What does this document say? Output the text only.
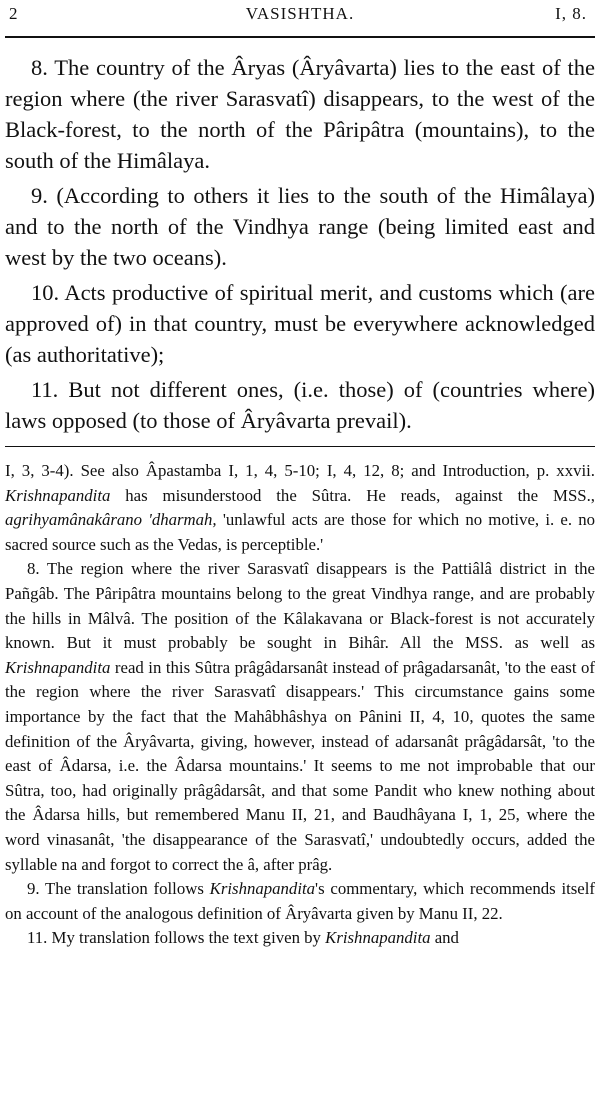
2	VASISHTHA.	I, 8.

8. The country of the Âryas (Âryâvarta) lies to the east of the region where (the river Sarasvatî) disappears, to the west of the Black-forest, to the north of the Pâripâtra (mountains), to the south of the Himâlaya.

9. (According to others it lies to the south of the Himâlaya) and to the north of the Vindhya range (being limited east and west by the two oceans).

10. Acts productive of spiritual merit, and customs which (are approved of) in that country, must be everywhere acknowledged (as authoritative);

11. But not different ones, (i.e. those) of (countries where) laws opposed (to those of Âryâvarta prevail).

I, 3, 3-4). See also Âpastamba I, 1, 4, 5-10; I, 4, 12, 8; and Introduction, p. xxvii. Krishnapandita has misunderstood the Sûtra. He reads, against the MSS., agrihyamânakârano 'dharmah, 'unlawful acts are those for which no motive, i. e. no sacred source such as the Vedas, is perceptible.'

8. The region where the river Sarasvatî disappears is the Pattiâlâ district in the Pañgâb. The Pâripâtra mountains belong to the great Vindhya range, and are probably the hills in Mâlvâ. The position of the Kâlakavana or Black-forest is not accurately known. But it must probably be sought in Bihâr. All the MSS. as well as Krishnapandita read in this Sûtra prâgâdarsanât instead of prâgadarsanât, 'to the east of the region where the river Sarasvatî disappears.' This circumstance gains some importance by the fact that the Mahâbhâshya on Pânini II, 4, 10, quotes the same definition of the Âryâvarta, giving, however, instead of adarsanât prâgâdarsât, 'to the east of Âdarsa, i.e. the Âdarsa mountains.' It seems to me not improbable that our Sûtra, too, had originally prâgâdarsât, and that some Pandit who knew nothing about the Âdarsa hills, but remembered Manu II, 21, and Baudhâyana I, 1, 25, where the word vinasanât, 'the disappearance of the Sarasvatî,' undoubtedly occurs, added the syllable na and forgot to correct the â, after prâg.

9. The translation follows Krishnapandita's commentary, which recommends itself on account of the analogous definition of Âryâvarta given by Manu II, 22.

11. My translation follows the text given by Krishnapandita and
